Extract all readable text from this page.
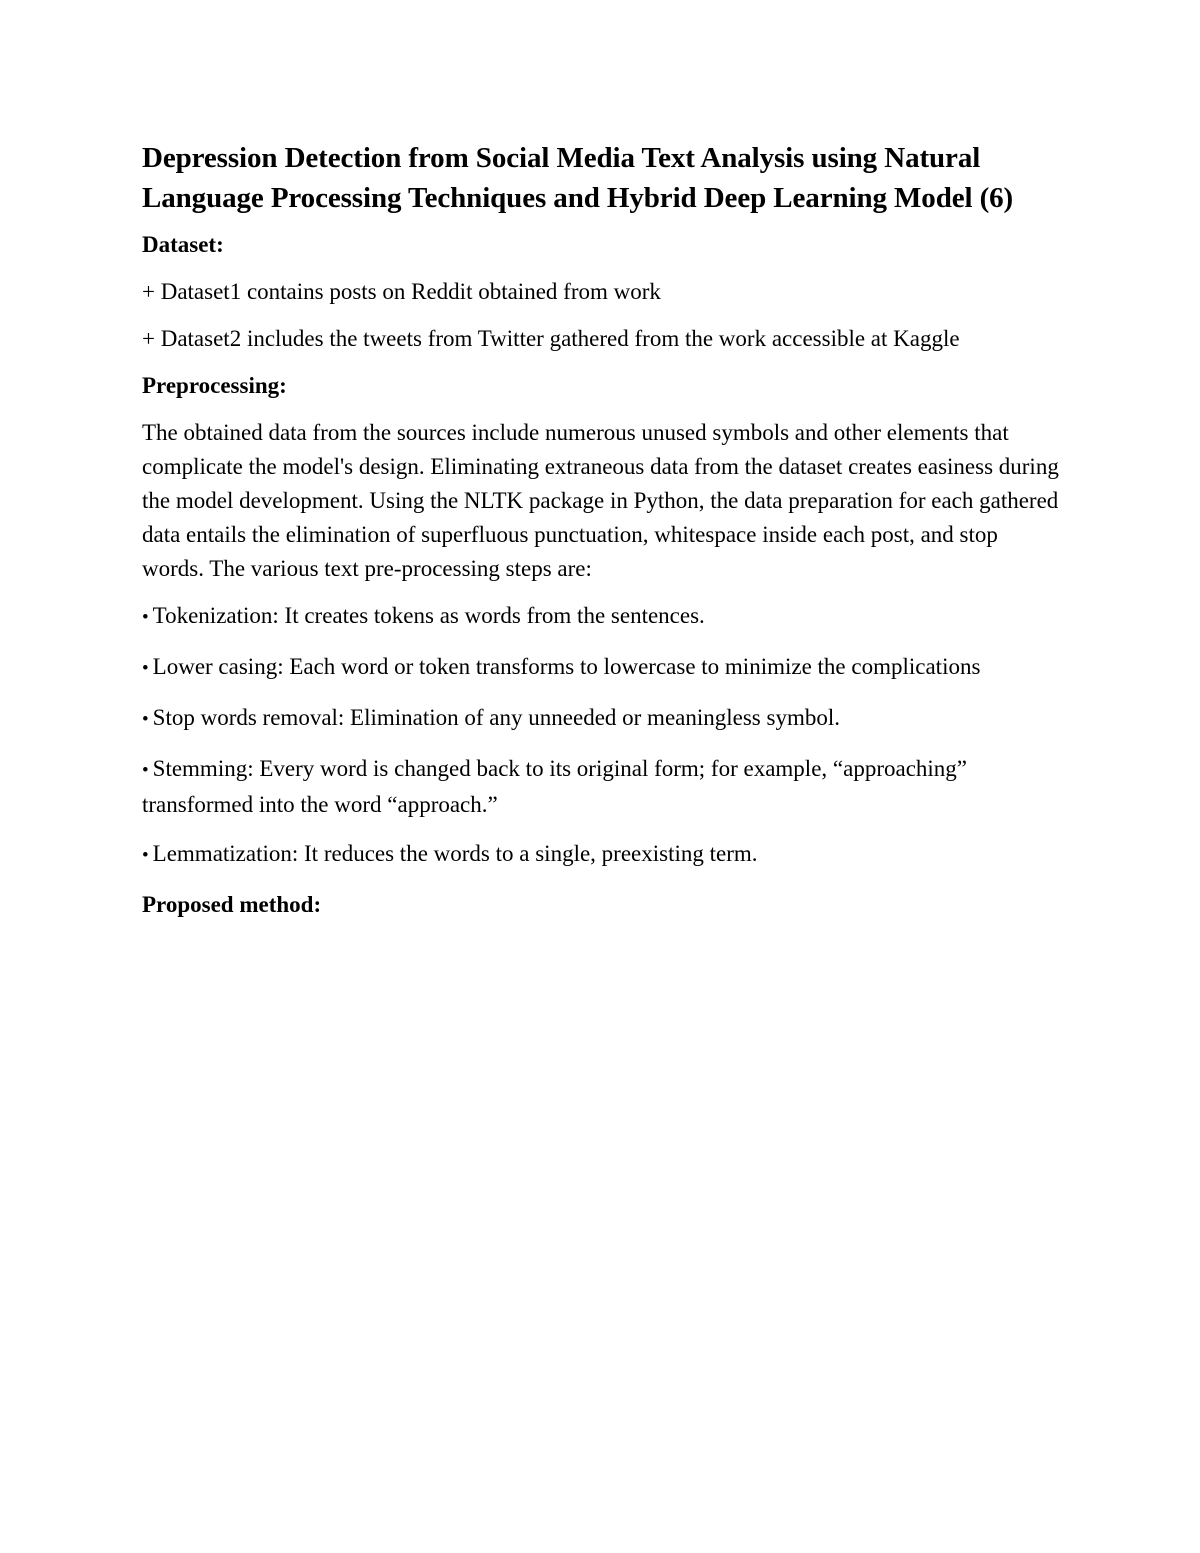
Depression Detection from Social Media Text Analysis using Natural Language Processing Techniques and Hybrid Deep Learning Model (6)
Dataset:

+ Dataset1 contains posts on Reddit obtained from work

+ Dataset2 includes the tweets from Twitter gathered from the work accessible at Kaggle

Preprocessing:

The obtained data from the sources include numerous unused symbols and other elements that complicate the model's design. Eliminating extraneous data from the dataset creates easiness during the model development. Using the NLTK package in Python, the data preparation for each gathered data entails the elimination of superfluous punctuation, whitespace inside each post, and stop words. The various text pre-processing steps are:

• Tokenization: It creates tokens as words from the sentences.
• Lower casing: Each word or token transforms to lowercase to minimize the complications
• Stop words removal: Elimination of any unneeded or meaningless symbol.
• Stemming: Every word is changed back to its original form; for example, “approaching” transformed into the word “approach.”
• Lemmatization: It reduces the words to a single, preexisting term.
Proposed method:
